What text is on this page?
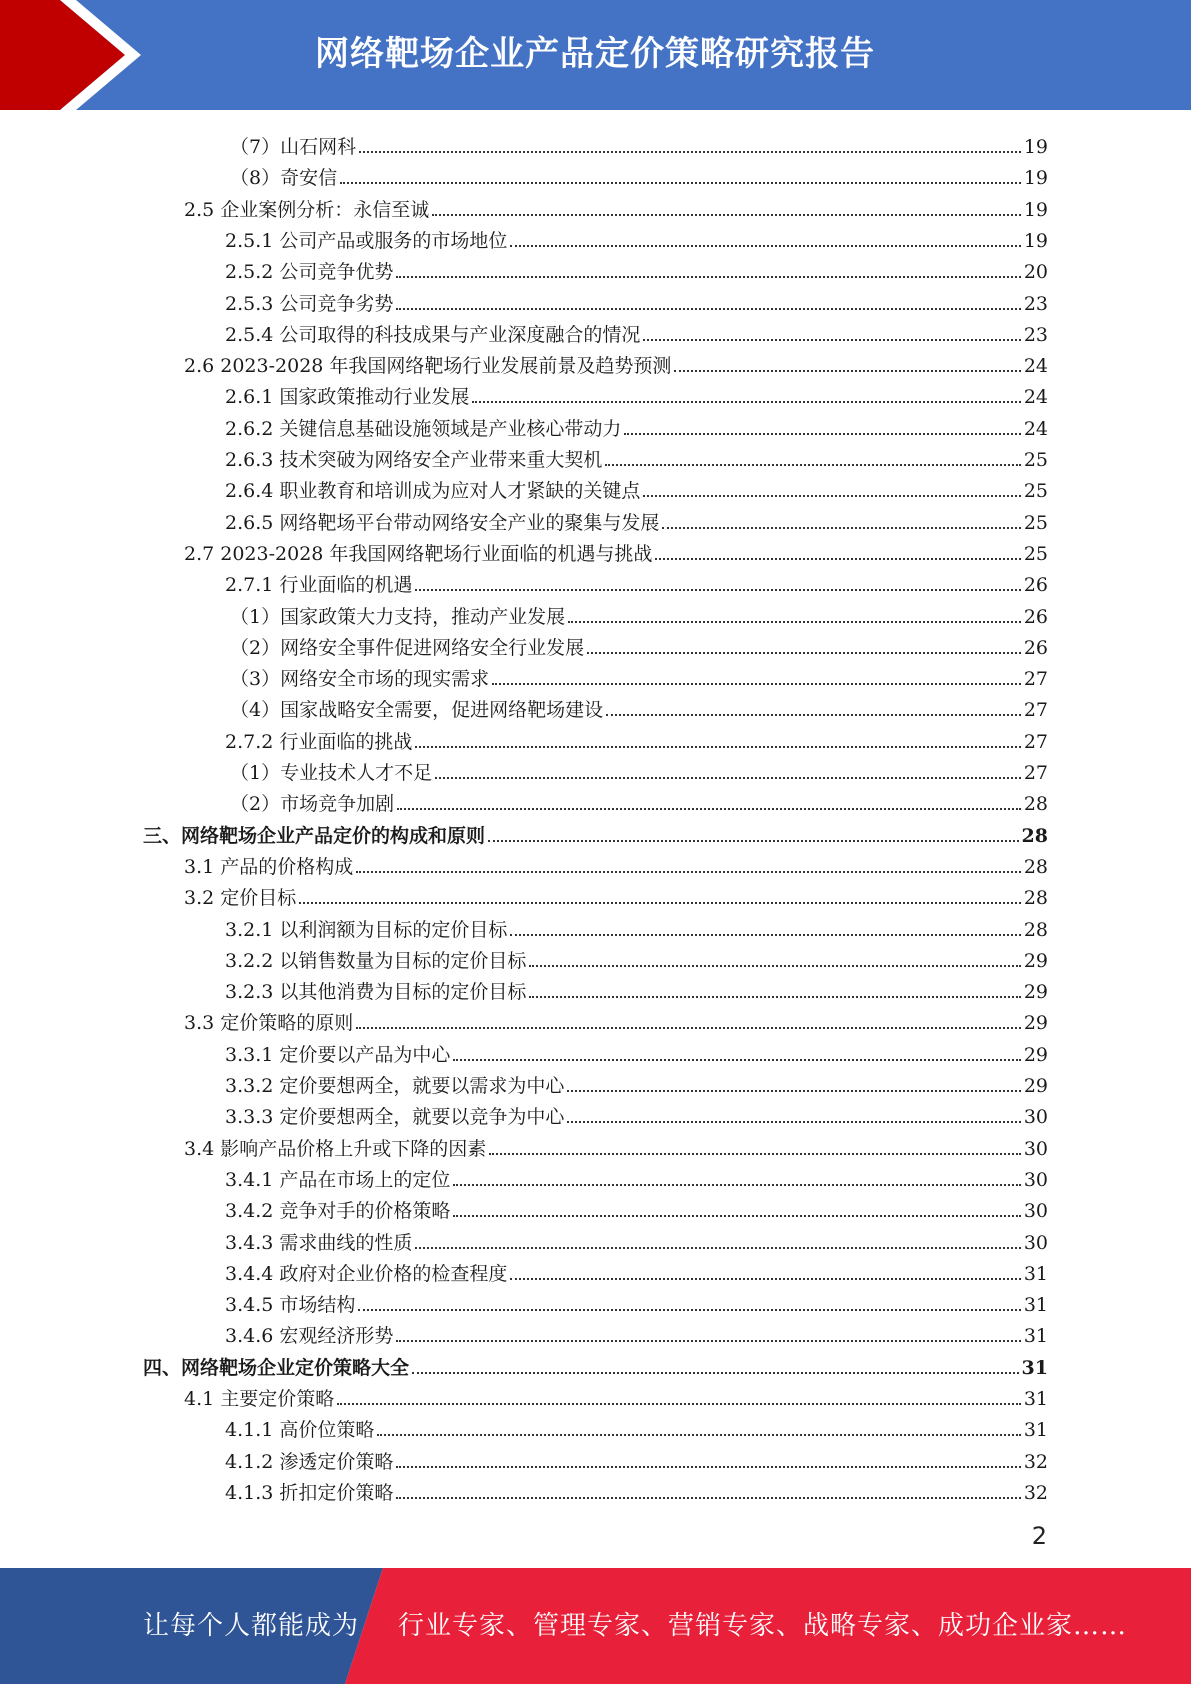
网络靶场企业产品定价策略研究报告
（7）山石网科	19
（8）奇安信	19
2.5 企业案例分析：永信至诚	19
2.5.1 公司产品或服务的市场地位	19
2.5.2 公司竞争优势	20
2.5.3 公司竞争劣势	23
2.5.4 公司取得的科技成果与产业深度融合的情况	23
2.6 2023-2028 年我国网络靶场行业发展前景及趋势预测	24
2.6.1 国家政策推动行业发展	24
2.6.2 关键信息基础设施领域是产业核心带动力	24
2.6.3 技术突破为网络安全产业带来重大契机	25
2.6.4 职业教育和培训成为应对人才紧缺的关键点	25
2.6.5 网络靶场平台带动网络安全产业的聚集与发展	25
2.7 2023-2028 年我国网络靶场行业面临的机遇与挑战	25
2.7.1 行业面临的机遇	26
（1）国家政策大力支持，推动产业发展	26
（2）网络安全事件促进网络安全行业发展	26
（3）网络安全市场的现实需求	27
（4）国家战略安全需要，促进网络靶场建设	27
2.7.2 行业面临的挑战	27
（1）专业技术人才不足	27
（2）市场竞争加剧	28
三、网络靶场企业产品定价的构成和原则	28
3.1 产品的价格构成	28
3.2 定价目标	28
3.2.1 以利润额为目标的定价目标	28
3.2.2 以销售数量为目标的定价目标	29
3.2.3 以其他消费为目标的定价目标	29
3.3 定价策略的原则	29
3.3.1 定价要以产品为中心	29
3.3.2 定价要想两全，就要以需求为中心	29
3.3.3 定价要想两全，就要以竞争为中心	30
3.4 影响产品价格上升或下降的因素	30
3.4.1 产品在市场上的定位	30
3.4.2 竞争对手的价格策略	30
3.4.3 需求曲线的性质	30
3.4.4 政府对企业价格的检查程度	31
3.4.5 市场结构	31
3.4.6 宏观经济形势	31
四、网络靶场企业定价策略大全	31
4.1 主要定价策略	31
4.1.1 高价位策略	31
4.1.2 渗透定价策略	32
4.1.3 折扣定价策略	32
2
让每个人都能成为 行业专家、管理专家、营销专家、战略专家、成功企业家……
